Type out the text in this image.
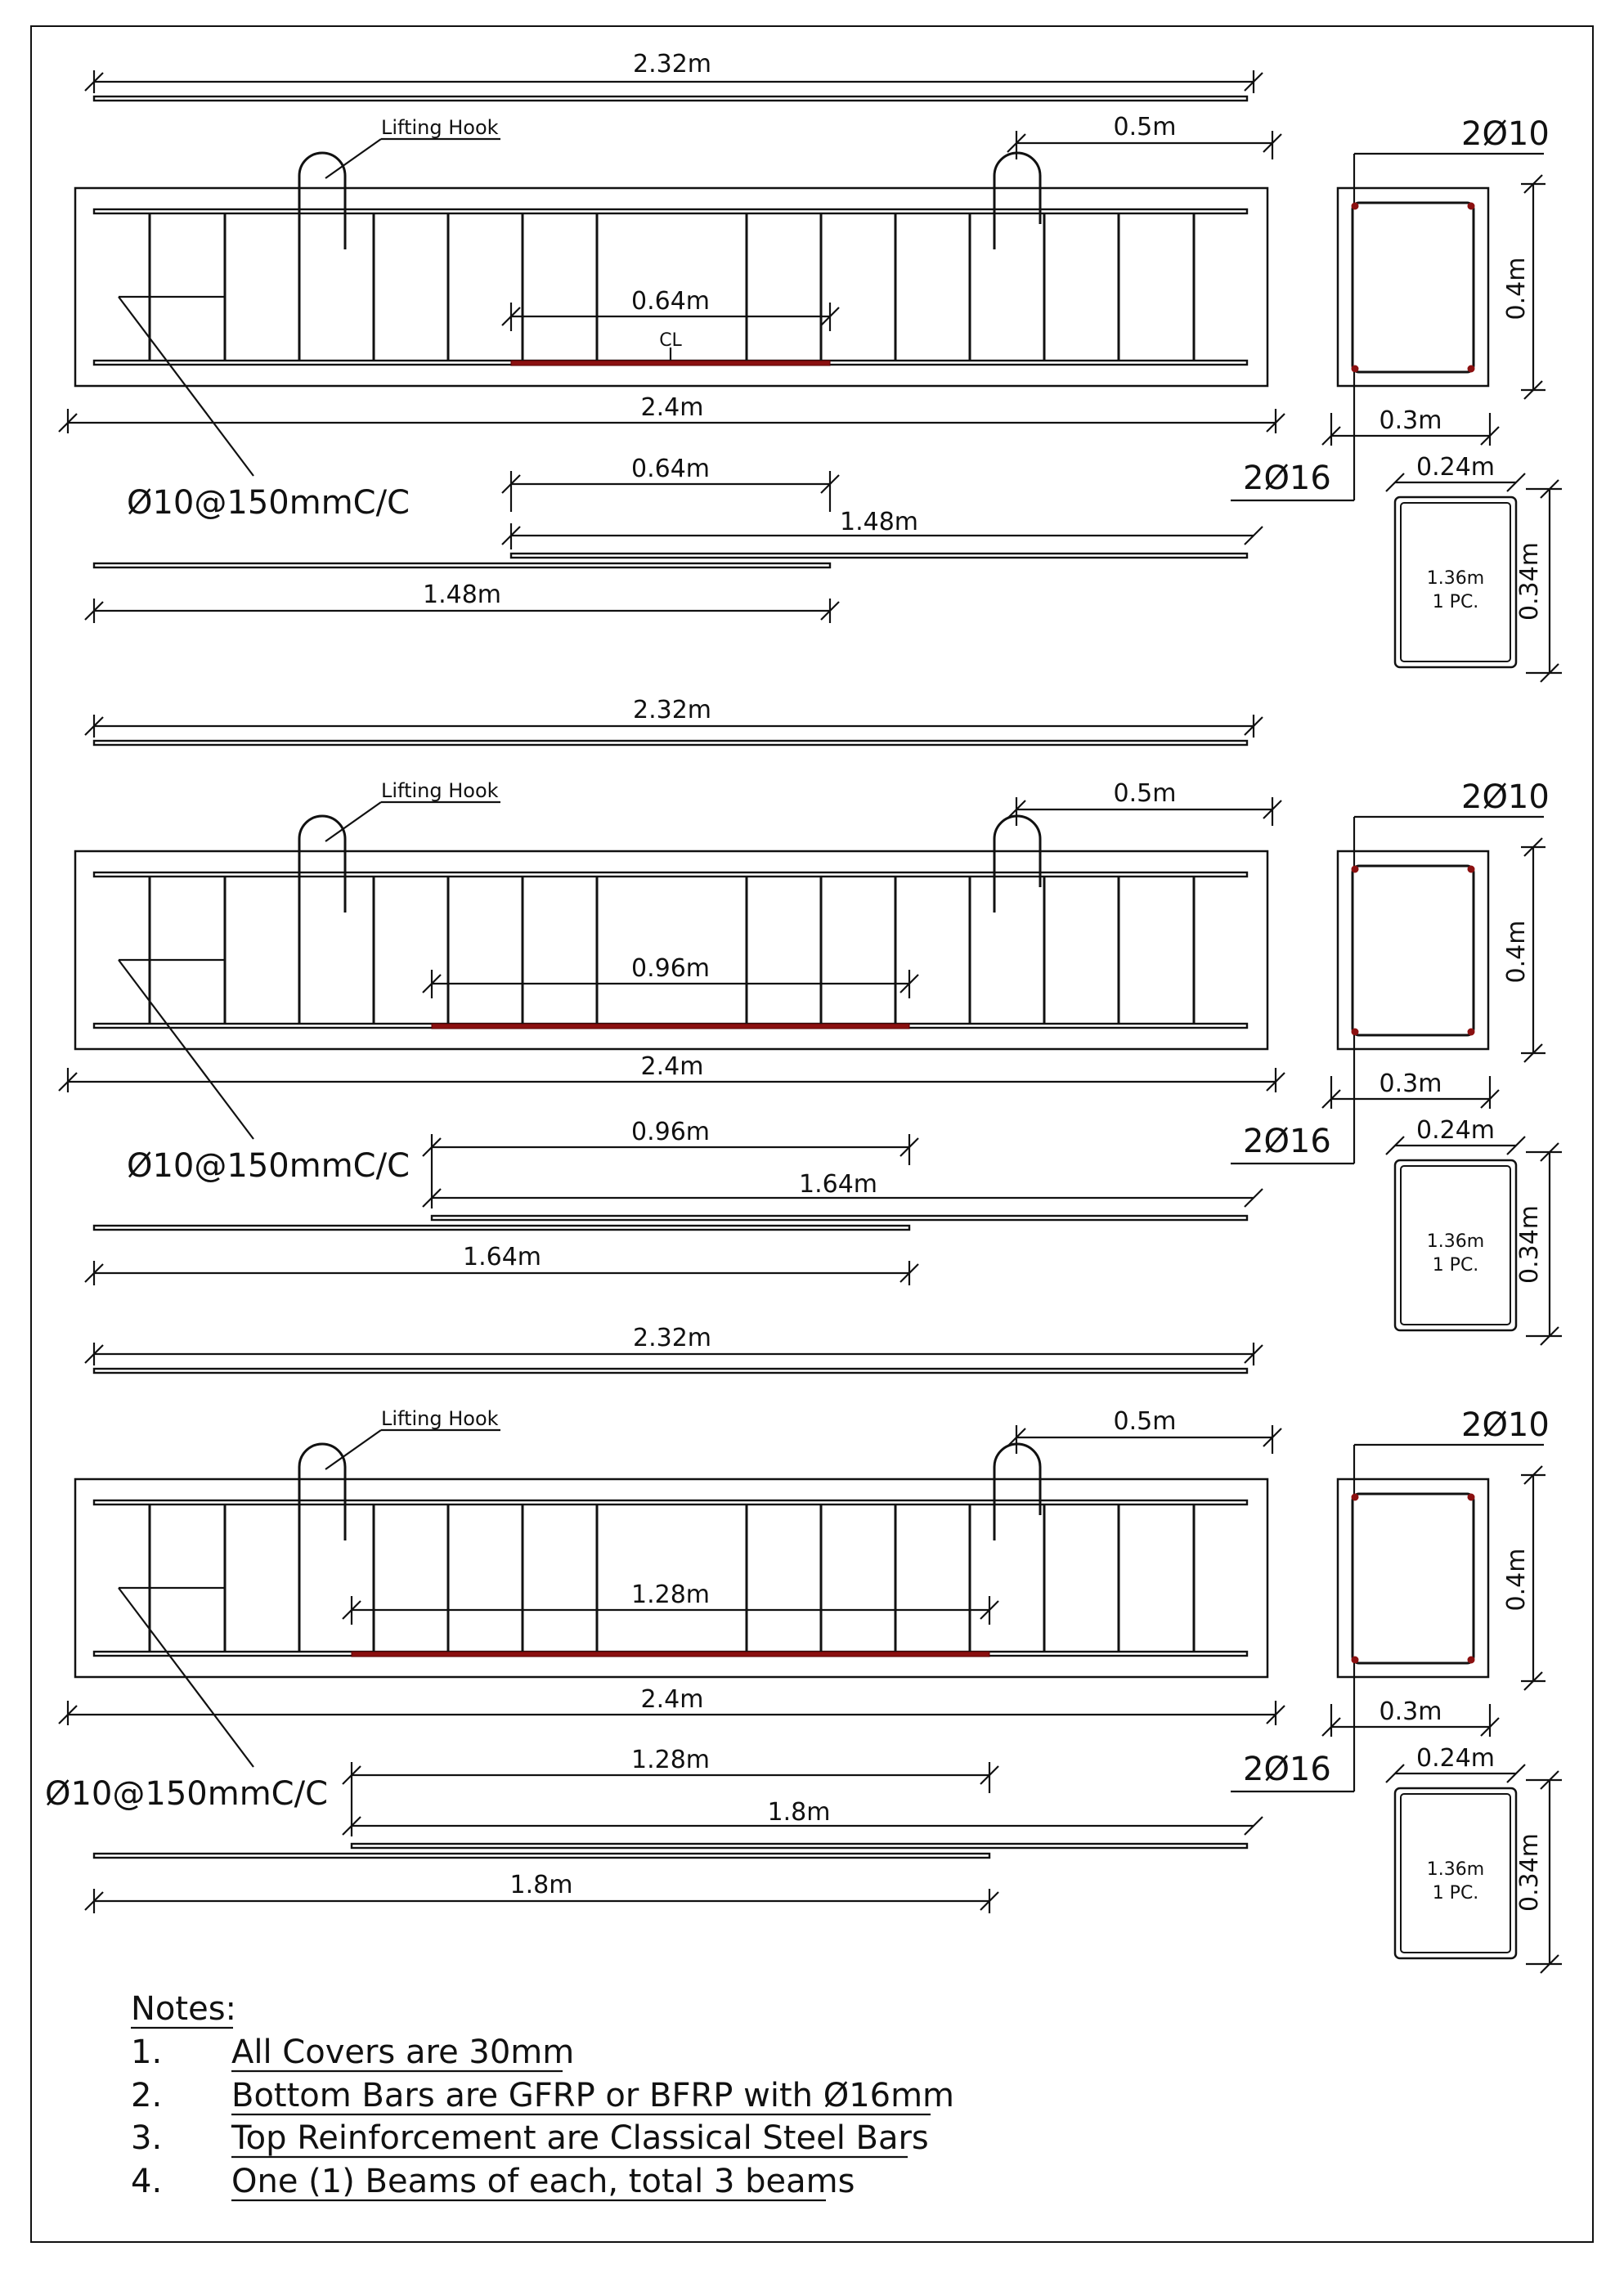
2.32m
0.5m
Lifting Hook
0.64m
CL
2.4m
Ø10@150mmC/C
0.64m
1.48m
1.48m
2Ø10
0.4m
0.3m
2Ø16	0.24m
1.36m
1 PC. 0.34m
2.32m
0.5m
Lifting Hook
0.96m
2.4m
Ø10@150mmC/C
0.96m
1.64m
1.64m
2Ø10
0.4m
0.3m
2Ø16	0.24m
1.36m
1 PC. 0.34m
2.32m
0.5m
Lifting Hook
1.28m
2.4m
Ø10@150mmC/C
1.28m
1.8m
1.8m
2Ø10
0.4m
0.3m
2Ø16	0.24m
1.36m
1 PC. 0.34m
Notes:
1. All Covers are 30mm
2. Bottom Bars are GFRP or BFRP with Ø16mm
3. Top Reinforcement are Classical Steel Bars
4. One (1) Beams of each, total 3 beams
